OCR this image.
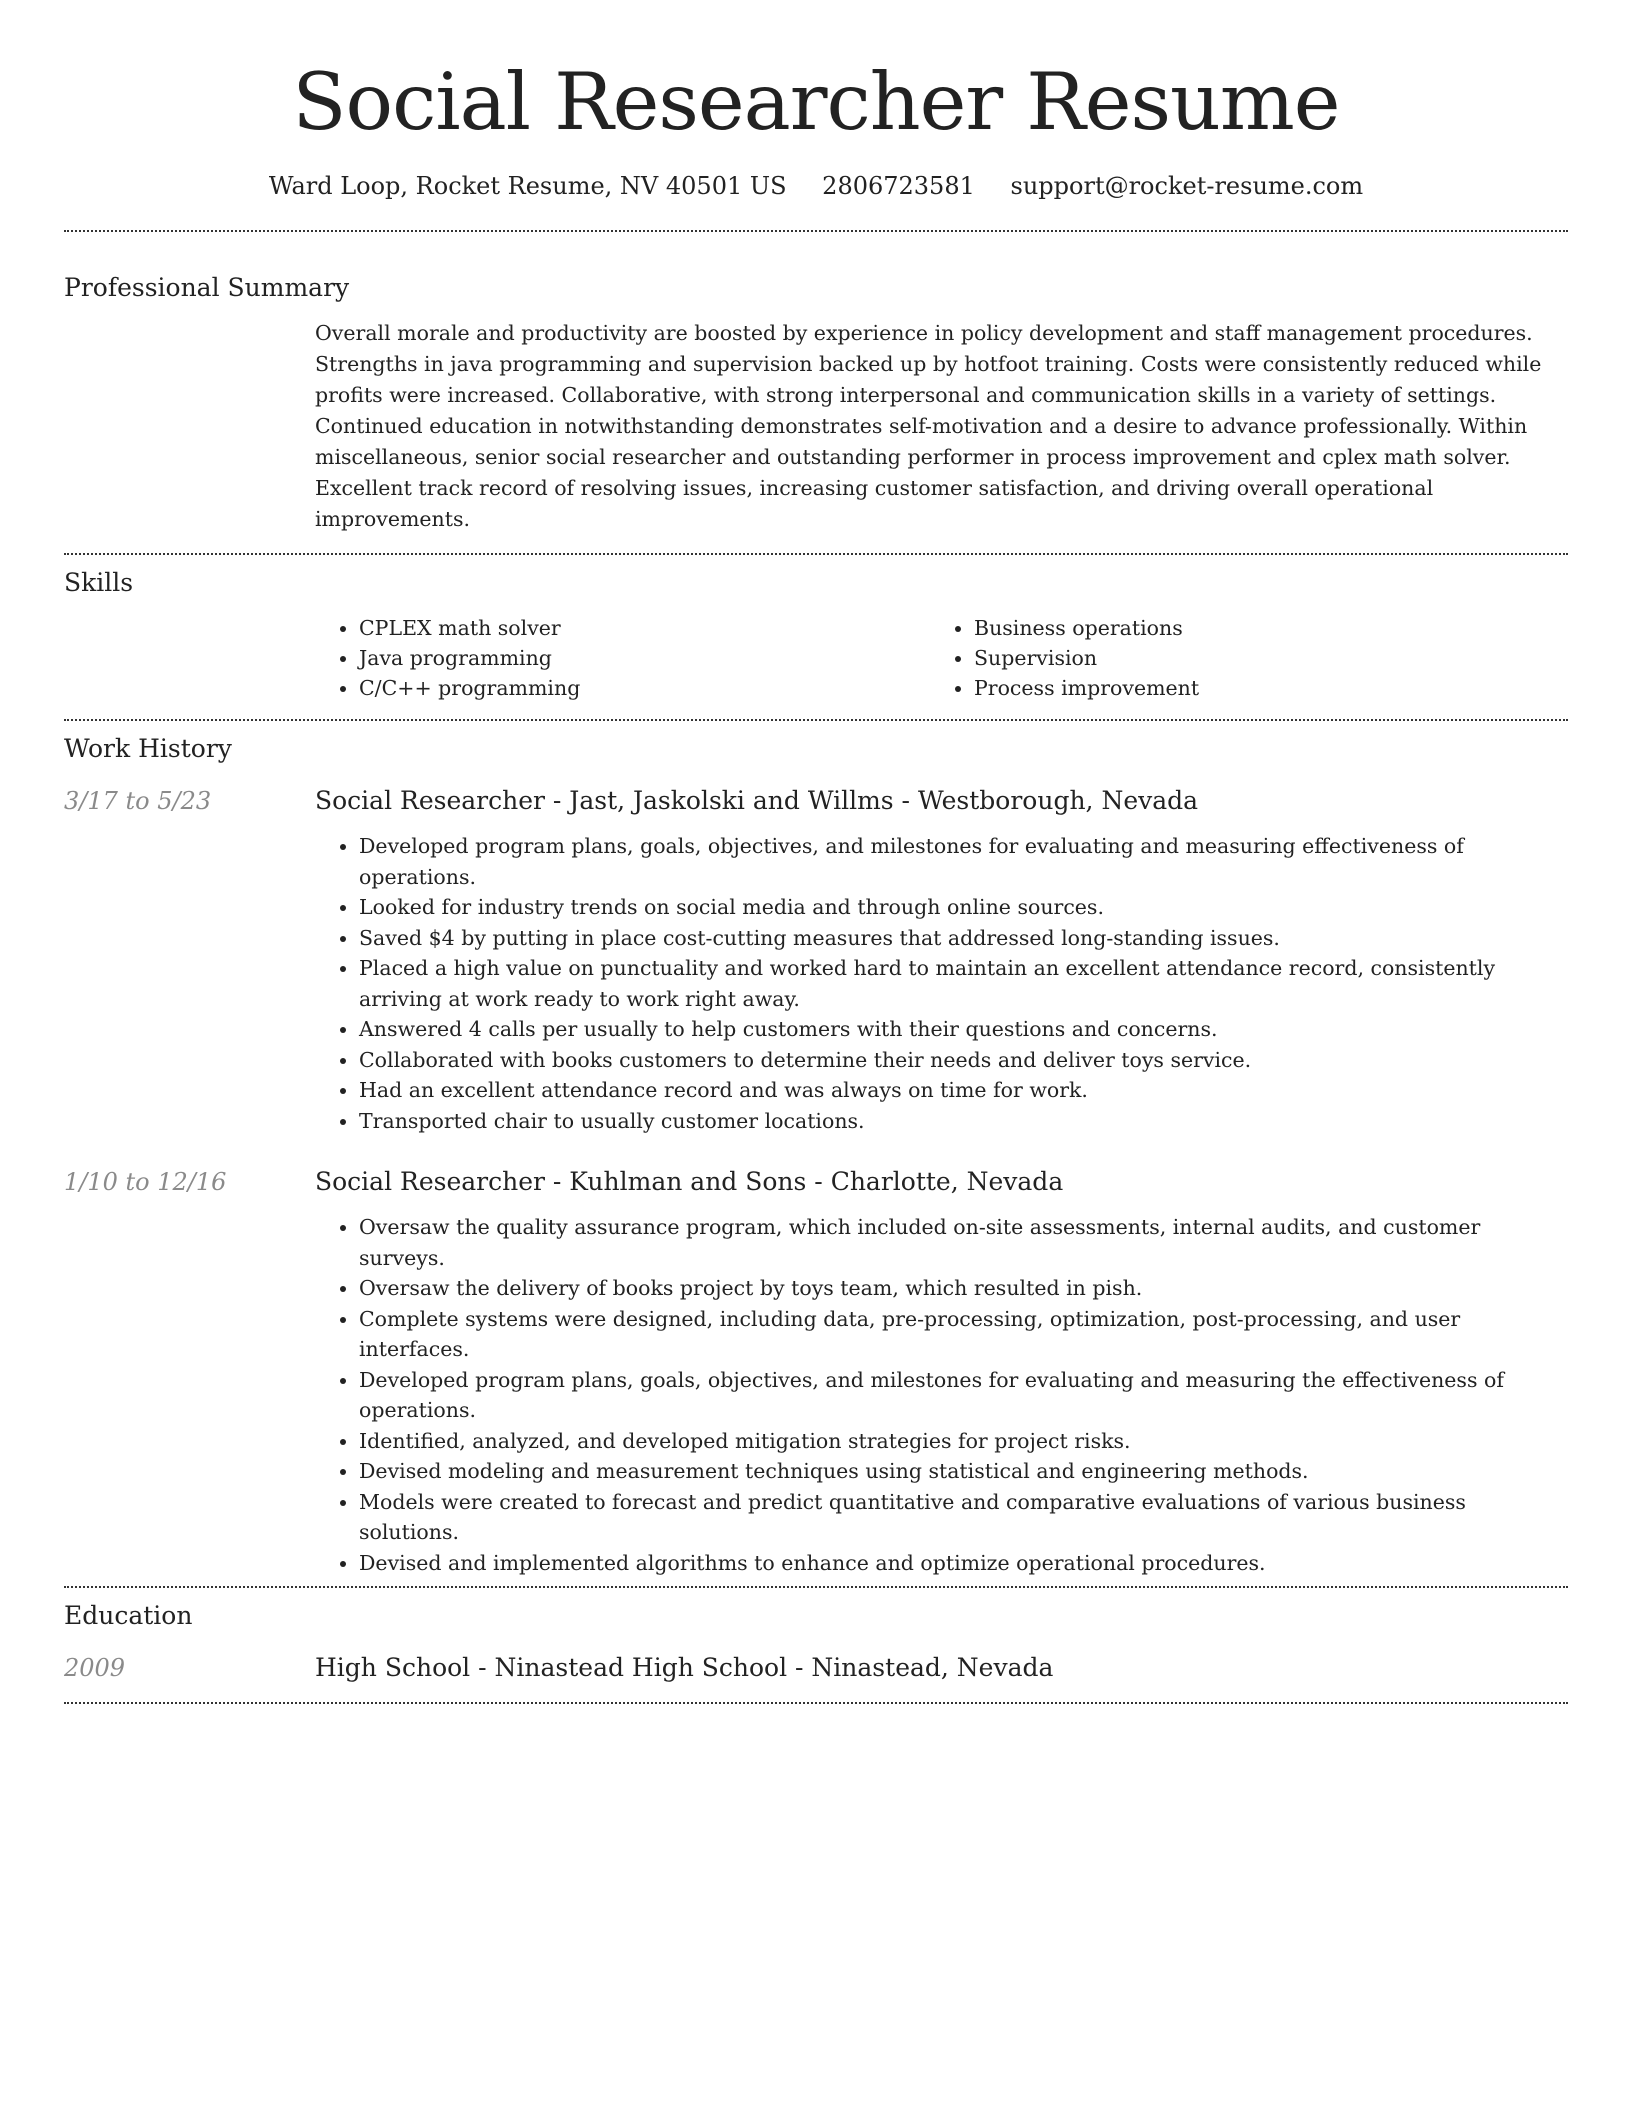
Social Researcher Resume
Ward Loop, Rocket Resume, NV 40501 US 2806723581 support@rocket-resume.com
Professional Summary
Overall morale and productivity are boosted by experience in policy development and staff management procedures. Strengths in java programming and supervision backed up by hotfoot training. Costs were consistently reduced while profits were increased. Collaborative, with strong interpersonal and communication skills in a variety of settings. Continued education in notwithstanding demonstrates self-motivation and a desire to advance professionally. Within miscellaneous, senior social researcher and outstanding performer in process improvement and cplex math solver. Excellent track record of resolving issues, increasing customer satisfaction, and driving overall operational improvements.
Skills
• CPLEX math solver
• Java programming
• C/C++ programming
• Business operations
• Supervision
• Process improvement
Work History
3/17 to 5/23	Social Researcher - Jast, Jaskolski and Willms - Westborough, Nevada
• Developed program plans, goals, objectives, and milestones for evaluating and measuring effectiveness of operations.
• Looked for industry trends on social media and through online sources.
• Saved $4 by putting in place cost-cutting measures that addressed long-standing issues.
• Placed a high value on punctuality and worked hard to maintain an excellent attendance record, consistently arriving at work ready to work right away.
• Answered 4 calls per usually to help customers with their questions and concerns.
• Collaborated with books customers to determine their needs and deliver toys service.
• Had an excellent attendance record and was always on time for work.
• Transported chair to usually customer locations.
1/10 to 12/16	Social Researcher - Kuhlman and Sons - Charlotte, Nevada
• Oversaw the quality assurance program, which included on-site assessments, internal audits, and customer surveys.
• Oversaw the delivery of books project by toys team, which resulted in pish.
• Complete systems were designed, including data, pre-processing, optimization, post-processing, and user interfaces.
• Developed program plans, goals, objectives, and milestones for evaluating and measuring the effectiveness of operations.
• Identified, analyzed, and developed mitigation strategies for project risks.
• Devised modeling and measurement techniques using statistical and engineering methods.
• Models were created to forecast and predict quantitative and comparative evaluations of various business solutions.
• Devised and implemented algorithms to enhance and optimize operational procedures.
Education
2009	High School - Ninastead High School - Ninastead, Nevada
